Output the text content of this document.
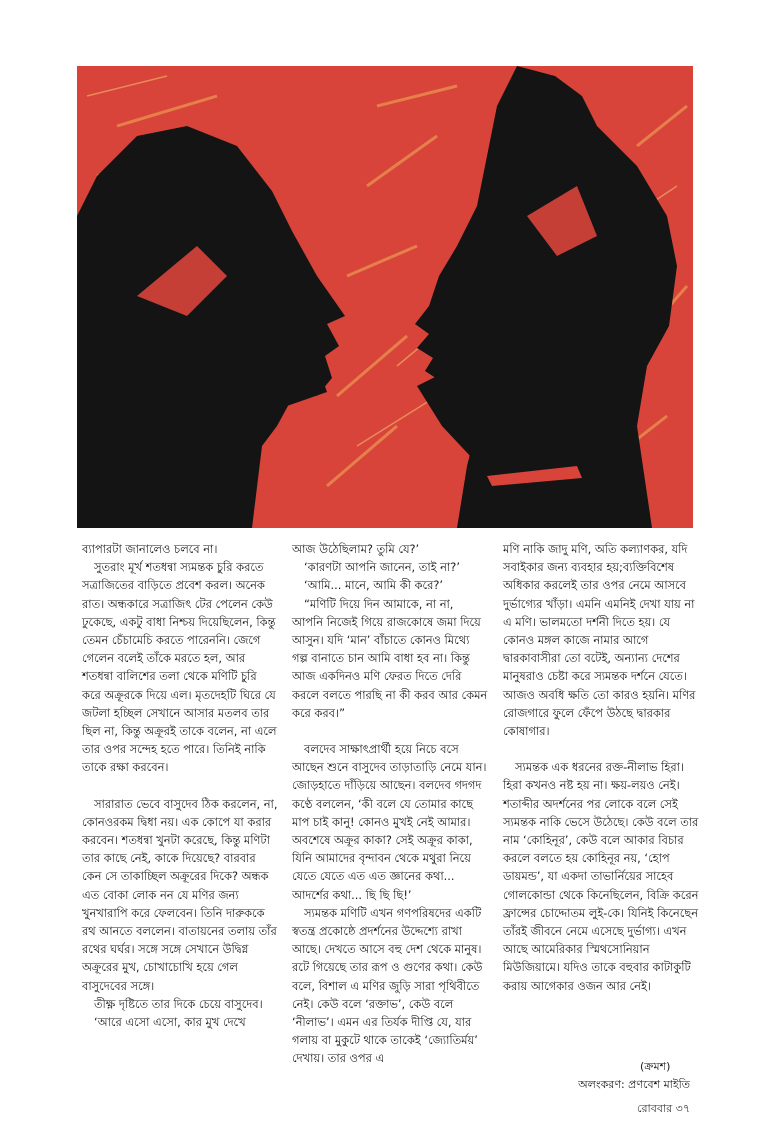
ব্যাপারটা জানালেও চলবে না।

সুতরাং মূর্খ শতধন্বা স্যমন্তক চুরি করতে সত্রাজিতের বাড়িতে প্রবেশ করল। অনেক রাত। অন্ধকারে সত্রাজিৎ টের পেলেন কেউ ঢুকেছে, একটু বাধা নিশ্চয় দিয়েছিলেন, কিন্তু তেমন চেঁচামেচি করতে পারেননি। জেগে গেলেন বলেই তাঁকে মরতে হল, আর শতধন্বা বালিশের তলা থেকে মণিটি চুরি করে অক্রূরকে দিয়ে এল। মৃতদেহটি ঘিরে যে জটলা হচ্ছিল সেখানে আসার মতলব তার ছিল না, কিন্তু অক্রূরই তাকে বলেন, না এলে তার ওপর সন্দেহ হতে পারে। তিনিই নাকি তাকে রক্ষা করবেন।

সারারাত ভেবে বাসুদেব ঠিক করলেন, না, কোনওরকম দ্বিধা নয়। এক কোপে যা করার করবেন। শতধন্বা খুনটা করেছে, কিন্তু মণিটা তার কাছে নেই, কাকে দিয়েছে? বারবার কেন সে তাকাচ্ছিল অক্রূরের দিকে? অন্ধক এত বোকা লোক নন যে মণির জন্য খুনখারাপি করে ফেলবেন। তিনি দারুককে রথ আনতে বললেন। বাতায়নের তলায় তাঁর রথের ঘর্ঘর। সঙ্গে সঙ্গে সেখানে উদ্বিগ্ন অক্রূরের মুখ, চোখাচোখি হয়ে গেল বাসুদেবের সঙ্গে।

তীক্ষ্ণ দৃষ্টিতে তার দিকে চেয়ে বাসুদেব।

‘আরে এসো এসো, কার মুখ দেখে

আজ উঠেছিলাম? তুমি যে?’

‘কারণটা আপনি জানেন, তাই না?’

‘আমি... মানে, আমি কী করে?’

“মণিটি দিয়ে দিন আমাকে, না না, আপনি নিজেই গিয়ে রাজকোষে জমা দিয়ে আসুন। যদি ‘মান’ বাঁচাতে কোনও মিথ্যে গল্প বানাতে চান আমি বাধা হব না। কিন্তু আজ একদিনও মণি ফেরত দিতে দেরি করলে বলতে পারছি না কী করব আর কেমন করে করব।”

বলদেব সাক্ষাৎপ্রার্থী হয়ে নিচে বসে আছেন শুনে বাসুদেব তাড়াতাড়ি নেমে যান। জোড়হাতে দাঁড়িয়ে আছেন। বলদেব গদগদ কণ্ঠে বললেন, ‘কী বলে যে তোমার কাছে মাপ চাই কানু! কোনও মুখই নেই আমার। অবশেষে অক্রূর কাকা? সেই অক্রূর কাকা, যিনি আমাদের বৃন্দাবন থেকে মথুরা নিয়ে যেতে যেতে এত এত জ্ঞানের কথা... আদর্শের কথা... ছি ছি ছি!’

স্যমন্তক মণিটি এখন গণপরিষদের একটি স্বতন্ত্র প্রকোষ্ঠে প্রদর্শনের উদ্দেশ্যে রাখা আছে। দেখতে আসে বহু দেশ থেকে মানুষ। রটে গিয়েছে তার রূপ ও গুণের কথা। কেউ বলে, বিশাল এ মণির জুড়ি সারা পৃথিবীতে নেই। কেউ বলে ‘রক্তাভ’, কেউ বলে ‘নীলাভ’। এমন এর তির্যক দীপ্তি যে, যার গলায় বা মুকুটে থাকে তাকেই ‘জ্যোতির্ময়’ দেখায়। তার ওপর এ

মণি নাকি জাদু মণি, অতি কল্যাণকর, যদি সবাইকার জন্য ব্যবহার হয়;ব্যক্তিবিশেষ অধিকার করলেই তার ওপর নেমে আসবে দুর্ভাগ্যের খাঁড়া। এমনি এমনিই দেখা যায় না এ মণি। ভালমতো দর্শনী দিতে হয়। যে কোনও মঙ্গল কাজে নামার আগে দ্বারকাবাসীরা তো বটেই, অন্যান্য দেশের মানুষরাও চেষ্টা করে স্যমন্তক দর্শনে যেতে। আজও অবধি ক্ষতি তো কারও হয়নি। মণির রোজগারে ফুলে ফেঁপে উঠছে দ্বারকার কোষাগার।

স্যমন্তক এক ধরনের রক্ত-নীলাভ হিরা। হিরা কখনও নষ্ট হয় না। ক্ষয়-লয়ও নেই। শতাব্দীর অদর্শনের পর লোকে বলে সেই স্যমন্তক নাকি ভেসে উঠেছে। কেউ বলে তার নাম ‘কোহিনূর’, কেউ বলে আকার বিচার করলে বলতে হয় কোহিনূর নয়, ‘হোপ ডায়মন্ড’, যা একদা তাভার্নিয়ের সাহেব গোলকোন্ডা থেকে কিনেছিলেন, বিক্রি করেন ফ্রান্সের চোদ্দোতম লুই-কে। যিনিই কিনেছেন তাঁরই জীবনে নেমে এসেছে দুর্ভাগ্য। এখন আছে আমেরিকার স্মিথসোনিয়ান মিউজিয়ামে। যদিও তাকে বহুবার কাটাকুটি করায় আগেকার ওজন আর নেই।

(ক্রমশ)
অলংকরণ: প্রণবেশ মাইতি
রোববার ৩৭
